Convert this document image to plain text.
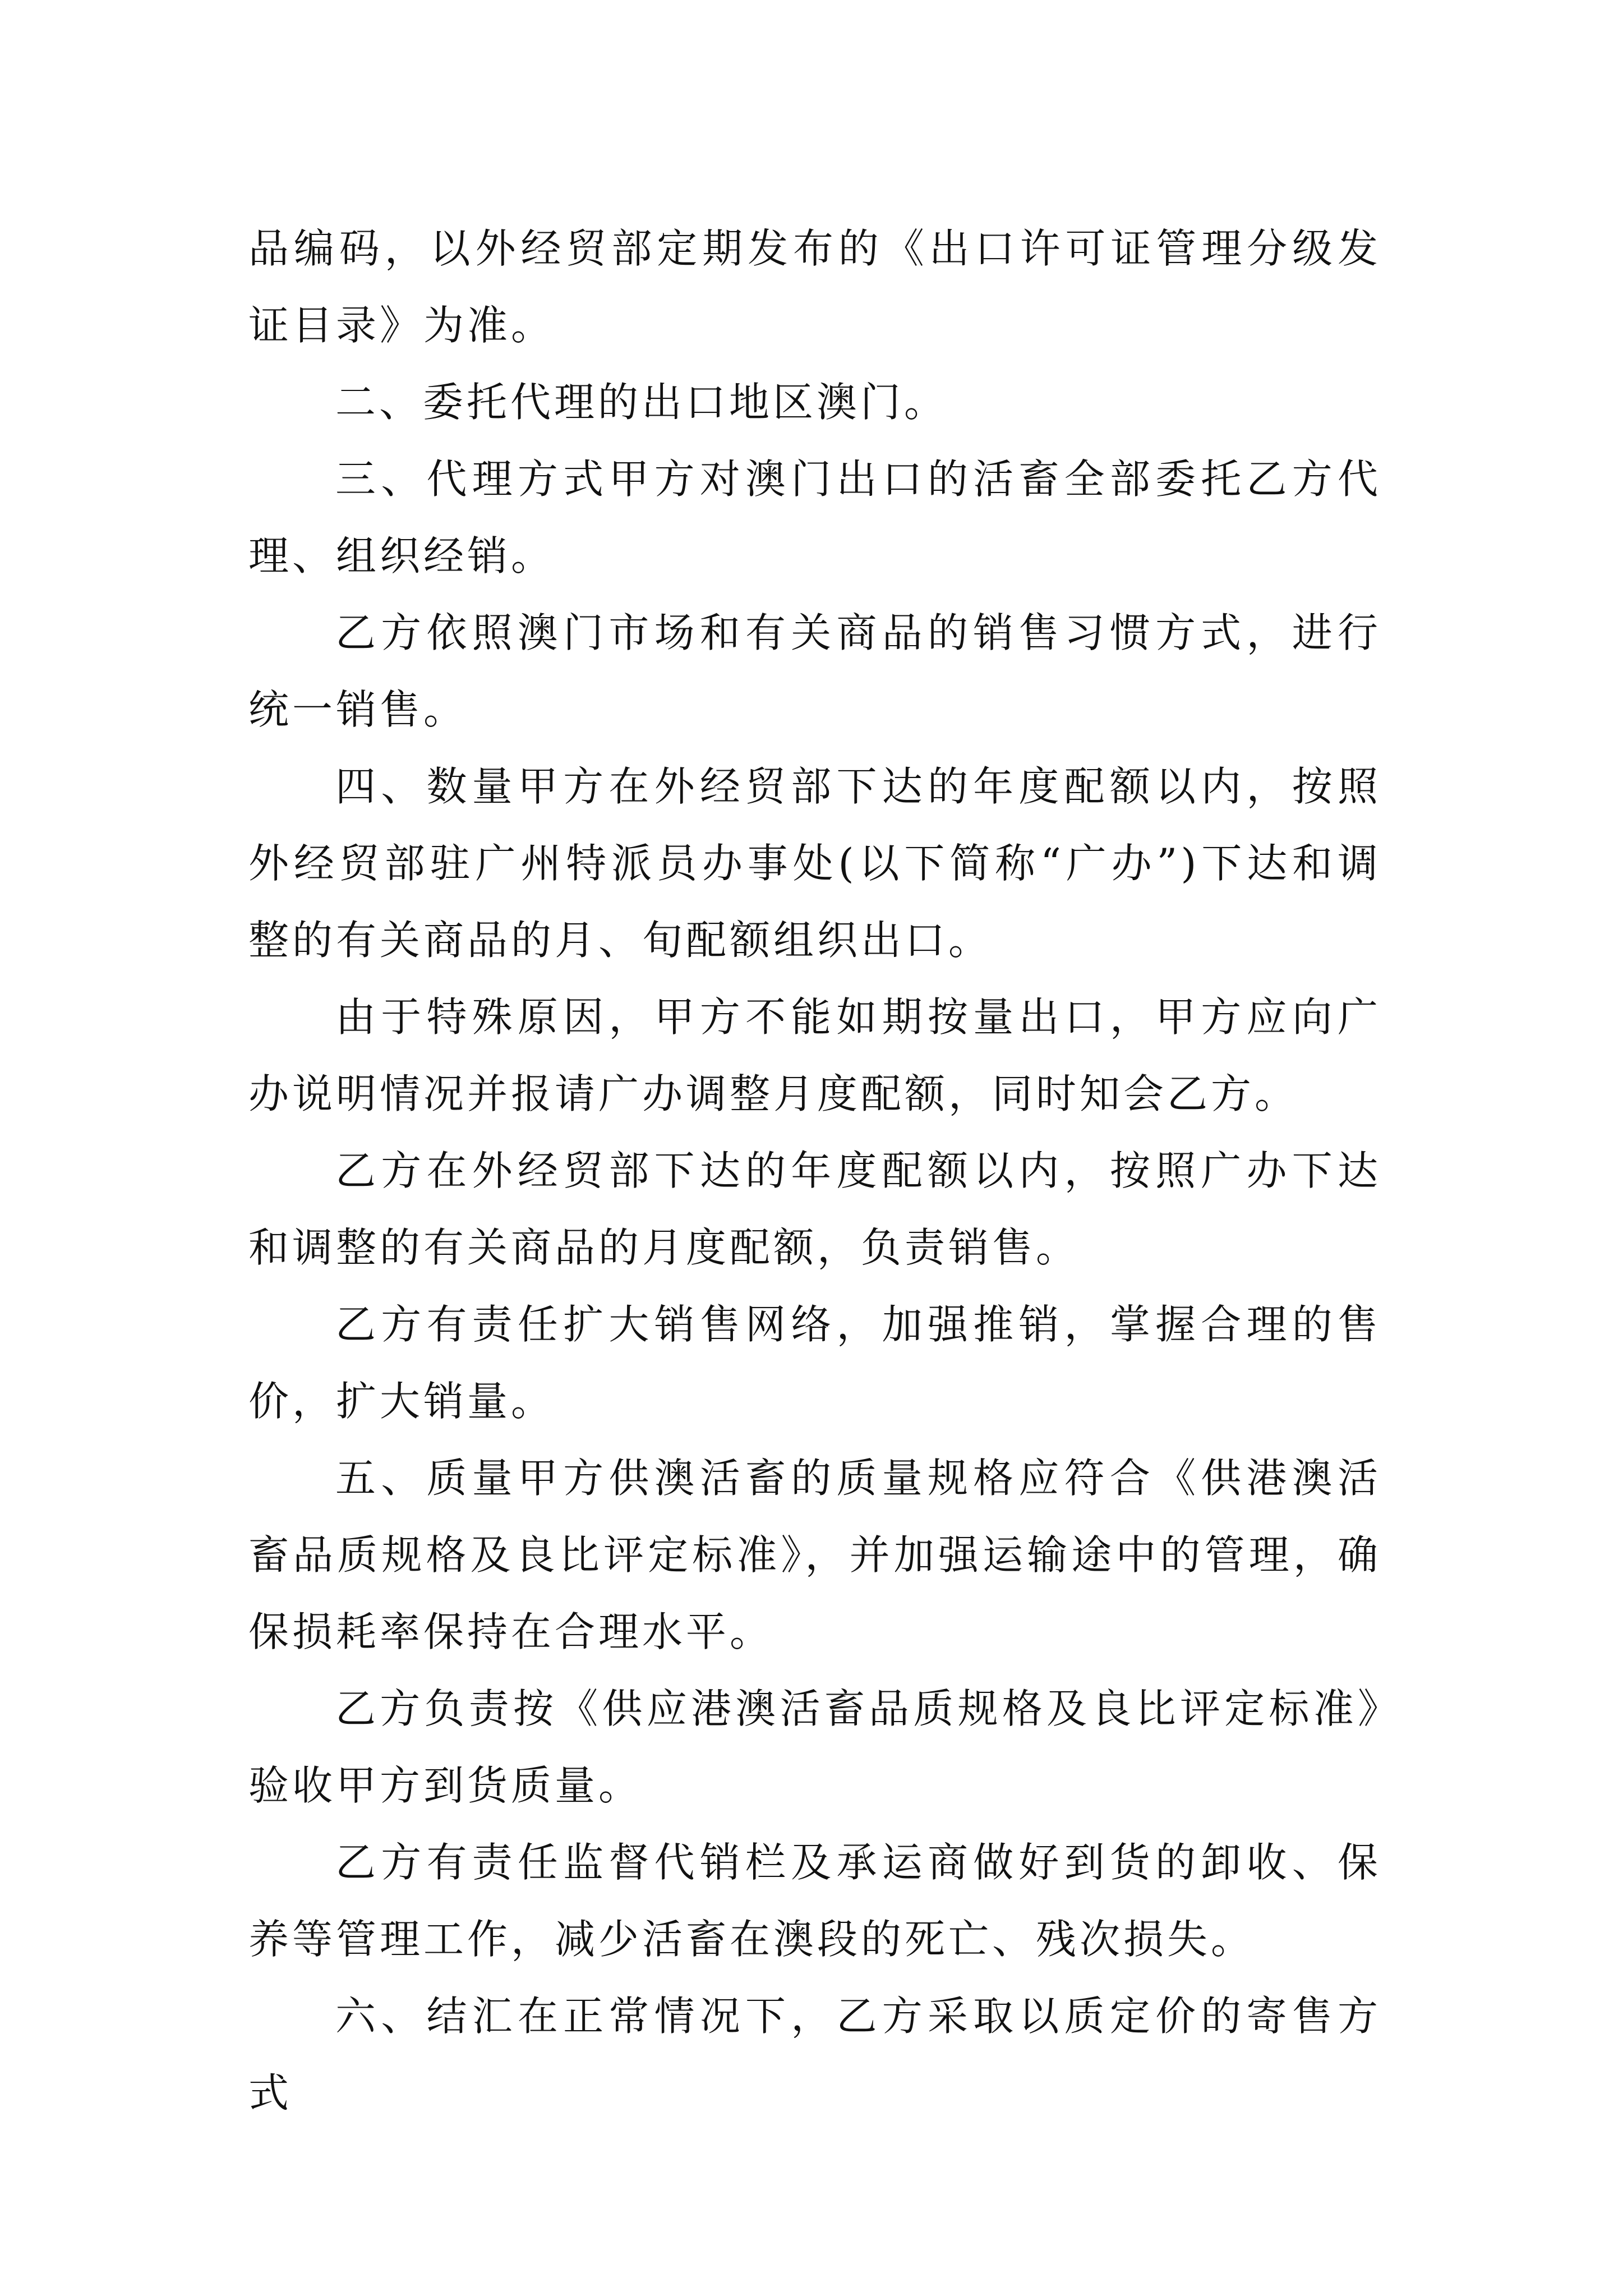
品编码，以外经贸部定期发布的《出口许可证管理分级发证目录》为准。

二、委托代理的出口地区澳门。

三、代理方式甲方对澳门出口的活畜全部委托乙方代理、组织经销。

乙方依照澳门市场和有关商品的销售习惯方式，进行统一销售。

四、数量甲方在外经贸部下达的年度配额以内，按照外经贸部驻广州特派员办事处(以下简称“广办”)下达和调整的有关商品的月、旬配额组织出口。

由于特殊原因，甲方不能如期按量出口，甲方应向广办说明情况并报请广办调整月度配额，同时知会乙方。

乙方在外经贸部下达的年度配额以内，按照广办下达和调整的有关商品的月度配额，负责销售。

乙方有责任扩大销售网络，加强推销，掌握合理的售价，扩大销量。

五、质量甲方供澳活畜的质量规格应符合《供港澳活畜品质规格及良比评定标准》，并加强运输途中的管理，确保损耗率保持在合理水平。

乙方负责按《供应港澳活畜品质规格及良比评定标准》验收甲方到货质量。

乙方有责任监督代销栏及承运商做好到货的卸收、保养等管理工作，减少活畜在澳段的死亡、残次损失。

六、结汇在正常情况下，乙方采取以质定价的寄售方式
